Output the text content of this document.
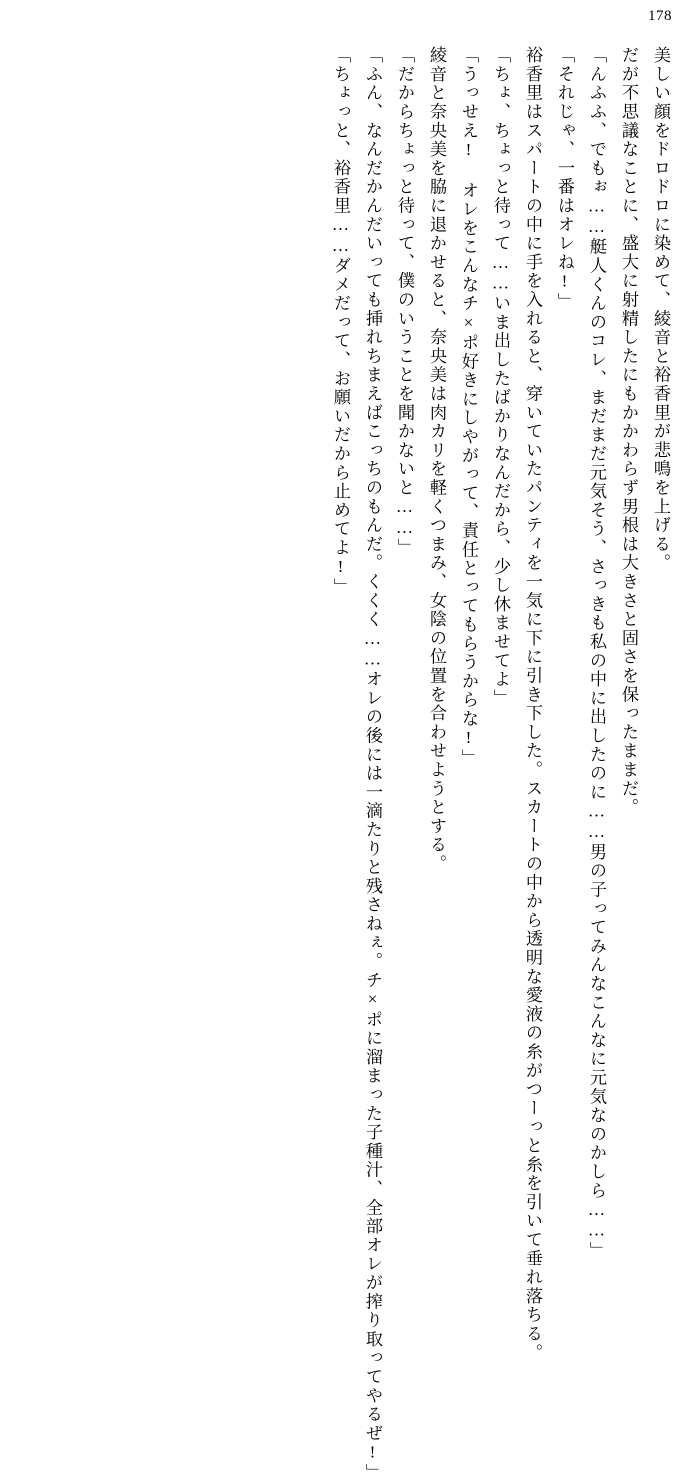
178
美しい顔をドロドロに染めて、綾音と裕香里が悲鳴を上げる。
だが不思議なことに、盛大に射精したにもかかわらず男根は大きさと固さを保ったままだ。
「んふふ、でもぉ……艇人くんのコレ、まだまだ元気そう、さっきも私の中に出したのに……男の子ってみんなこんなに元気なのかしら……」
「それじゃ、一番はオレね!」
裕香里はスパートの中に手を入れると、穿いていたパンティを一気に下に引き下した。スカートの中から透明な愛液の糸がつーっと糸を引いて垂れ落ちる。
「ちょ、ちょっと待って……いま出したばかりなんだから、少し休ませてよ」
「うっせえ! オレをこんなチ×ポ好きにしやがって、責任とってもらうからな!」
綾音と奈央美を脇に退かせると、奈央美は肉カリを軽くつまみ、女陰の位置を合わせようとする。
「だからちょっと待って、僕のいうことを聞かないと……」
「ふん、なんだかんだいっても挿れちまえばこっちのもんだ。くくく……オレの後には一滴たりと残さねぇ。チ×ポに溜まった子種汁、全部オレが搾り取ってやるぜ!」
「ちょっと、裕香里……ダメだって、お願いだから止めてよ!」
